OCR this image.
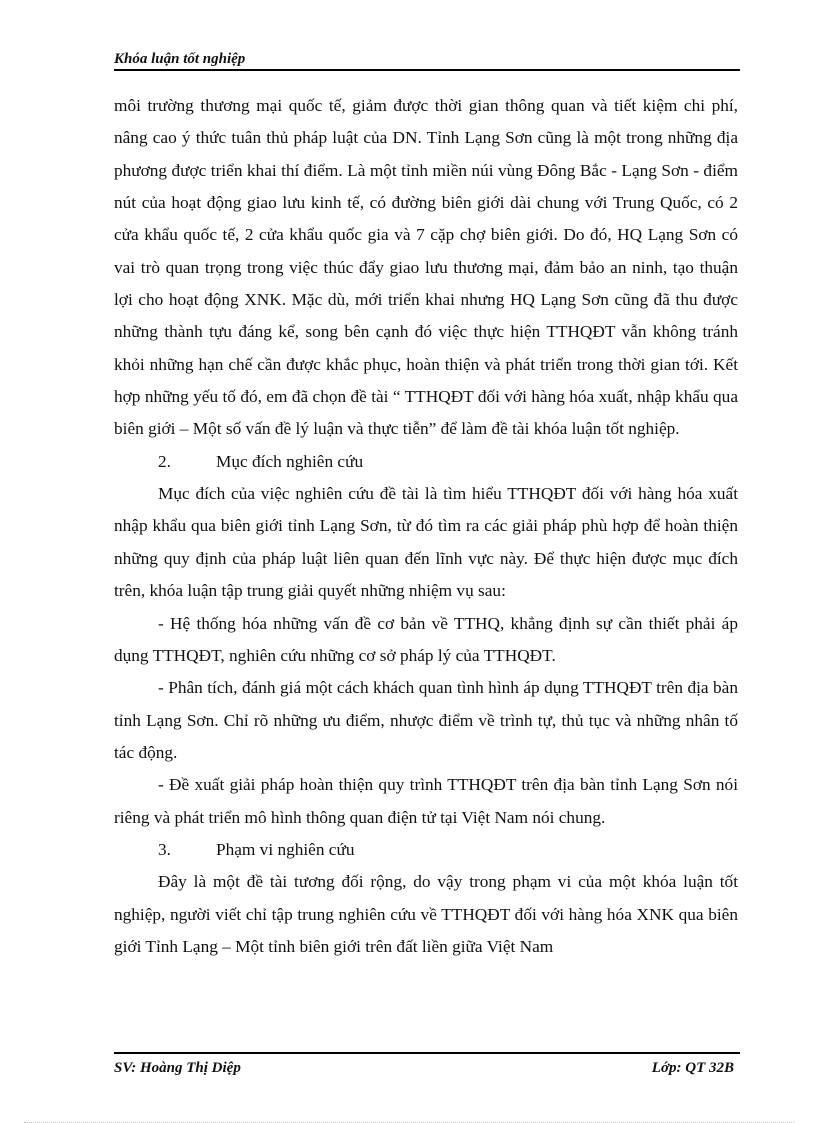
Khóa luận tốt nghiệp

môi trường thương mại quốc tế, giảm được thời gian thông quan và tiết kiệm chi phí, nâng cao ý thức tuân thủ pháp luật của DN. Tỉnh Lạng Sơn cũng là một trong những địa phương được triển khai thí điểm. Là một tỉnh miền núi vùng Đông Bắc - Lạng Sơn - điểm nút của hoạt động giao lưu kinh tế, có đường biên giới dài chung với Trung Quốc, có 2 cửa khẩu quốc tế, 2 cửa khẩu quốc gia và 7 cặp chợ biên giới. Do đó, HQ Lạng Sơn có vai trò quan trọng trong việc thúc đẩy giao lưu thương mại, đảm bảo an ninh, tạo thuận lợi cho hoạt động XNK. Mặc dù, mới triển khai nhưng HQ Lạng Sơn cũng đã thu được những thành tựu đáng kể, song bên cạnh đó việc thực hiện TTHQĐT vẫn không tránh khỏi những hạn chế cần được khắc phục, hoàn thiện và phát triển trong thời gian tới. Kết hợp những yếu tố đó, em đã chọn đề tài “ TTHQĐT đối với hàng hóa xuất, nhập khẩu qua biên giới – Một số vấn đề lý luận và thực tiễn” để làm đề tài khóa luận tốt nghiệp.

2.	Mục đích nghiên cứu

Mục đích của việc nghiên cứu đề tài là tìm hiểu TTHQĐT đối với hàng hóa xuất nhập khẩu qua biên giới tỉnh Lạng Sơn, từ đó tìm ra các giải pháp phù hợp để hoàn thiện những quy định của pháp luật liên quan đến lĩnh vực này. Để thực hiện được mục đích trên, khóa luận tập trung giải quyết những nhiệm vụ sau:

- Hệ thống hóa những vấn đề cơ bản về TTHQ, khẳng định sự cần thiết phải áp dụng TTHQĐT, nghiên cứu những cơ sở pháp lý của TTHQĐT.

- Phân tích, đánh giá một cách khách quan tình hình áp dụng TTHQĐT trên địa bàn tỉnh Lạng Sơn. Chỉ rõ những ưu điểm, nhược điểm về trình tự, thủ tục và những nhân tố tác động.

- Đề xuất giải pháp hoàn thiện quy trình TTHQĐT trên địa bàn tỉnh Lạng Sơn nói riêng và phát triển mô hình thông quan điện tử tại Việt Nam nói chung.

3.	Phạm vi nghiên cứu

Đây là một đề tài tương đối rộng, do vậy trong phạm vi của một khóa luận tốt nghiệp, người viết chỉ tập trung nghiên cứu về TTHQĐT đối với hàng hóa XNK qua biên giới Tỉnh Lạng – Một tỉnh biên giới trên đất liền giữa Việt Nam

SV: Hoàng Thị Diệp	Lớp: QT 32B
